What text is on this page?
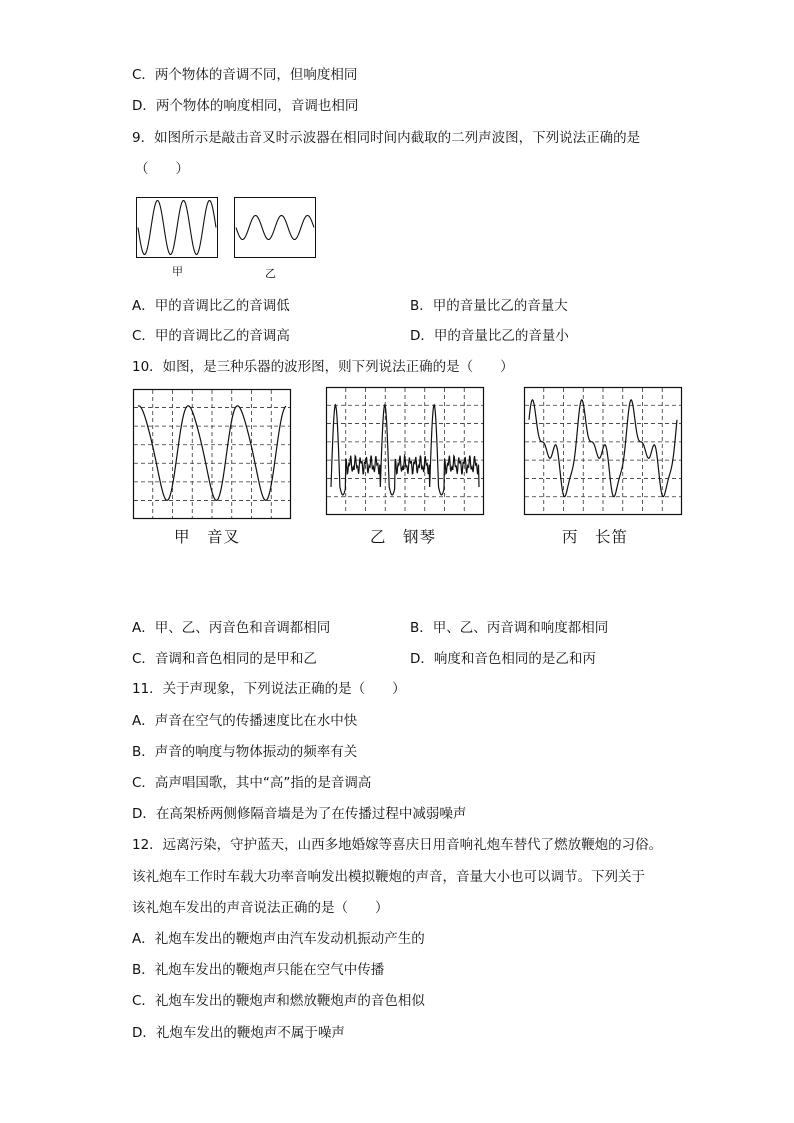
C．两个物体的音调不同，但响度相同
D．两个物体的响度相同，音调也相同
9．如图所示是敲击音叉时示波器在相同时间内截取的二列声波图，下列说法正确的是
（　　）
甲	乙
A．甲的音调比乙的音调低	B．甲的音量比乙的音量大
C．甲的音调比乙的音调高	D．甲的音量比乙的音量小
10．如图，是三种乐器的波形图，则下列说法正确的是（　　）
甲　音叉	乙　钢琴	丙　长笛
A．甲、乙、丙音色和音调都相同	B．甲、乙、丙音调和响度都相同
C．音调和音色相同的是甲和乙	D．响度和音色相同的是乙和丙
11．关于声现象，下列说法正确的是（　　）
A．声音在空气的传播速度比在水中快
B．声音的响度与物体振动的频率有关
C．高声唱国歌，其中“高”指的是音调高
D．在高架桥两侧修隔音墙是为了在传播过程中减弱噪声
12．远离污染，守护蓝天，山西多地婚嫁等喜庆日用音响礼炮车替代了燃放鞭炮的习俗。
该礼炮车工作时车载大功率音响发出模拟鞭炮的声音，音量大小也可以调节。下列关于
该礼炮车发出的声音说法正确的是（　　）
A．礼炮车发出的鞭炮声由汽车发动机振动产生的
B．礼炮车发出的鞭炮声只能在空气中传播
C．礼炮车发出的鞭炮声和燃放鞭炮声的音色相似
D．礼炮车发出的鞭炮声不属于噪声
